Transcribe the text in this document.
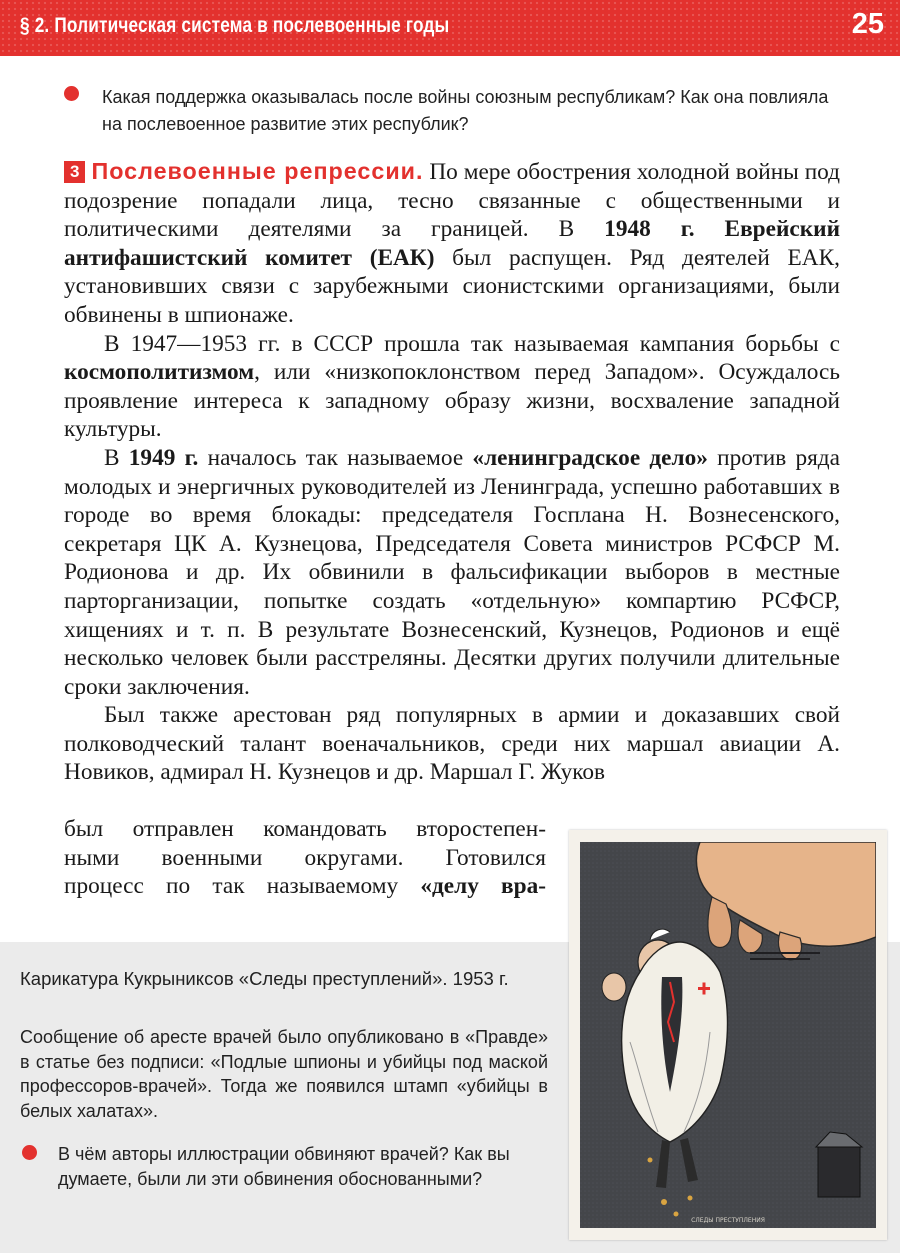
§ 2. Политическая система в послевоенные годы	25
Какая поддержка оказывалась после войны союзным республикам? Как она повлияла на послевоенное развитие этих республик?

3 Послевоенные репрессии. По мере обострения холодной войны под подозрение попадали лица, тесно связанные с общественными и политическими деятелями за границей. В 1948 г. Еврейский антифашистский комитет (ЕАК) был распущен. Ряд деятелей ЕАК, установивших связи с зарубежными сионистскими организациями, были обвинены в шпионаже.

В 1947—1953 гг. в СССР прошла так называемая кампания борьбы с космополитизмом, или «низкопоклонством перед Западом». Осуждалось проявление интереса к западному образу жизни, восхваление западной культуры.

В 1949 г. началось так называемое «ленинградское дело» против ряда молодых и энергичных руководителей из Ленинграда, успешно работавших в городе во время блокады: председателя Госплана Н. Вознесенского, секретаря ЦК А. Кузнецова, Председателя Совета министров РСФСР М. Родионова и др. Их обвинили в фальсификации выборов в местные парторганизации, попытке создать «отдельную» компартию РСФСР, хищениях и т. п. В результате Вознесенский, Кузнецов, Родионов и ещё несколько человек были расстреляны. Десятки других получили длительные сроки заключения.

Был также арестован ряд популярных в армии и доказавших свой полководческий талант военачальников, среди них маршал авиации А. Новиков, адмирал Н. Кузнецов и др. Маршал Г. Жуков

был отправлен командовать второстепен-
ными военными округами. Готовился
процесс по так называемому «делу вра-
Карикатура Кукрыниксов «Следы преступлений». 1953 г.
Сообщение об аресте врачей было опубликовано в «Правде» в статье без подписи: «Подлые шпионы и убийцы под маской профессоров-врачей». Тогда же появился штамп «убийцы в белых халатах».
В чём авторы иллюстрации обвиняют врачей? Как вы думаете, были ли эти обвинения обоснованными?
СЛЕДЫ ПРЕСТУПЛЕНИЯ
